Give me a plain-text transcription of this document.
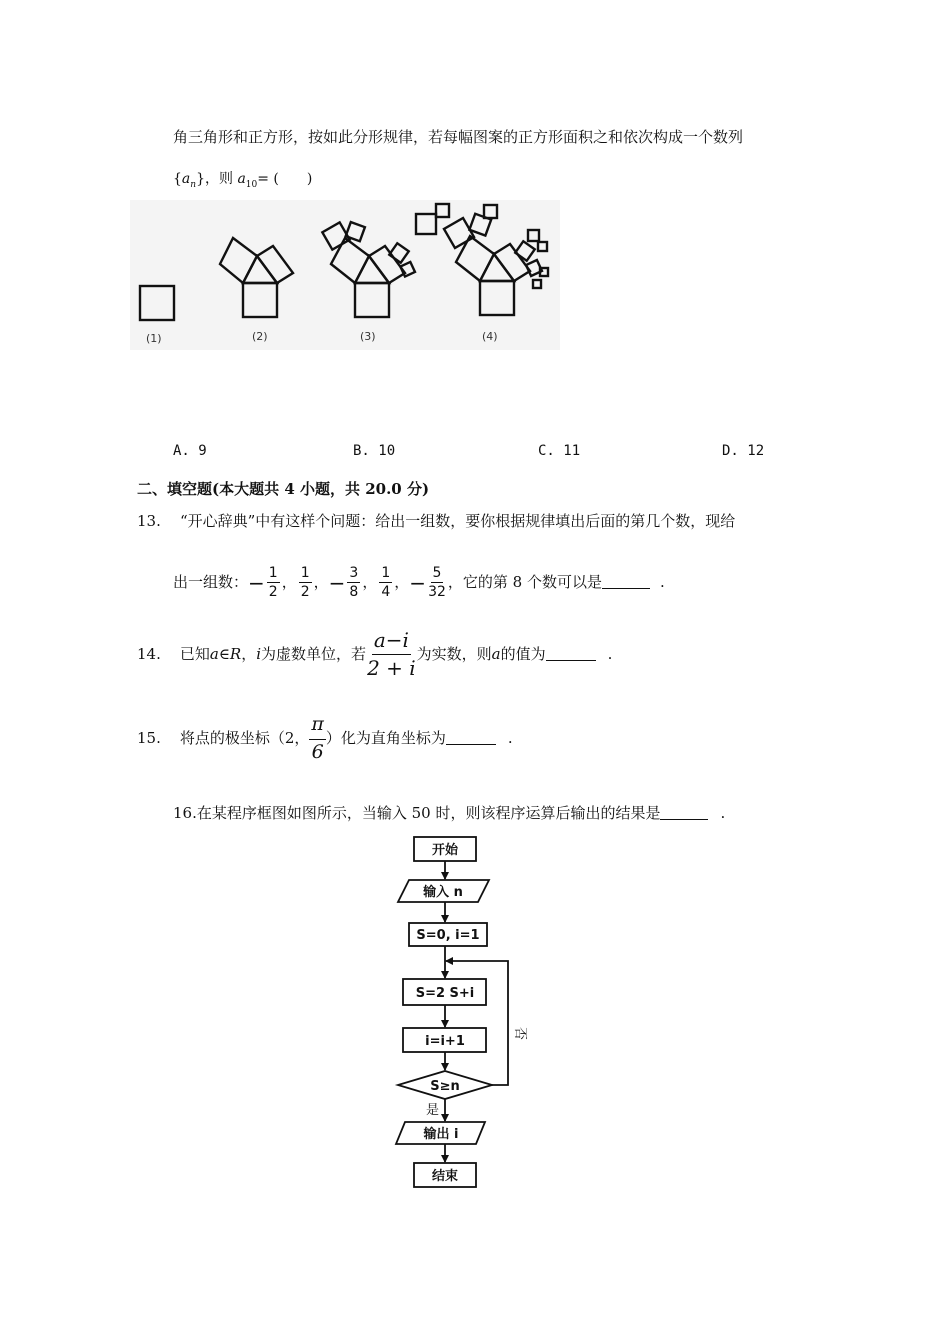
角三角形和正方形，按如此分形规律，若每幅图案的正方形面积之和依次构成一个数列
$\{a_n\}$，则 $a_{10}=$ (　　)
(1)	(2)	(3)	(4)
A. 9	B. 10	C. 11	D. 12
二、填空题(本大题共 4 小题，共 20.0 分)
13. “开心辞典”中有这样个问题：给出一组数，要你根据规律填出后面的第几个数，现给
出一组数： − $\frac{1}{2}$ ， $\frac{1}{2}$ ， − $\frac{3}{8}$ ， $\frac{1}{4}$ ， − $\frac{5}{32}$ ， 它的第 8 个数可以是	.
14. 已知 a∈R ， i 为虚数单位，若 $\frac{a-i}{2 + i}$ 为实数，则 a 的值为	.
15. 将点的极坐标（2， $\frac{\pi}{6}$ ）化为直角坐标为	.
16.在某程序框图如图所示，当输入 50 时，则该程序运算后输出的结果是	.
开始
输入 n
S=0, i=1
S=2 S+i
i=i+1
S≥n
输出 i
结束
否
是
